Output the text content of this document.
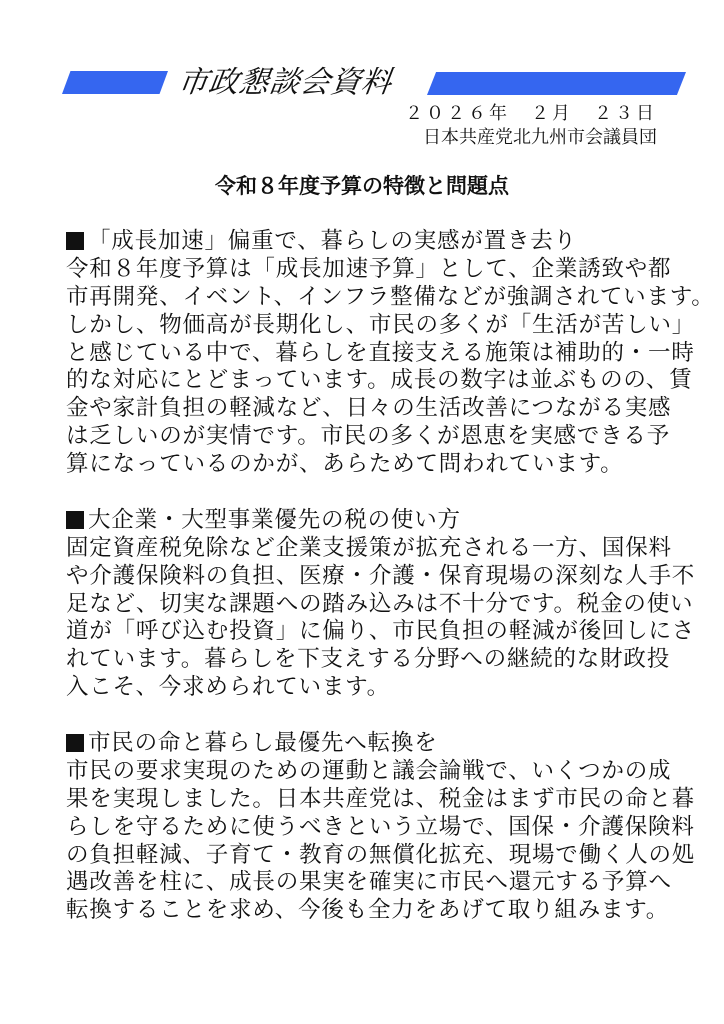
市政懇談会資料
２０２６年　２月　２３日
日本共産党北九州市会議員団
令和８年度予算の特徴と問題点
「成長加速」偏重で、暮らしの実感が置き去り
令和８年度予算は「成長加速予算」として、企業誘致や都
市再開発、イベント、インフラ整備などが強調されています。
しかし、物価高が長期化し、市民の多くが「生活が苦しい」
と感じている中で、暮らしを直接支える施策は補助的・一時
的な対応にとどまっています。成長の数字は並ぶものの、賃
金や家計負担の軽減など、日々の生活改善につながる実感
は乏しいのが実情です。市民の多くが恩恵を実感できる予
算になっているのかが、あらためて問われています。
大企業・大型事業優先の税の使い方
固定資産税免除など企業支援策が拡充される一方、国保料
や介護保険料の負担、医療・介護・保育現場の深刻な人手不
足など、切実な課題への踏み込みは不十分です。税金の使い
道が「呼び込む投資」に偏り、市民負担の軽減が後回しにさ
れています。暮らしを下支えする分野への継続的な財政投
入こそ、今求められています。
市民の命と暮らし最優先へ転換を
市民の要求実現のための運動と議会論戦で、いくつかの成
果を実現しました。日本共産党は、税金はまず市民の命と暮
らしを守るために使うべきという立場で、国保・介護保険料
の負担軽減、子育て・教育の無償化拡充、現場で働く人の処
遇改善を柱に、成長の果実を確実に市民へ還元する予算へ
転換することを求め、今後も全力をあげて取り組みます。
